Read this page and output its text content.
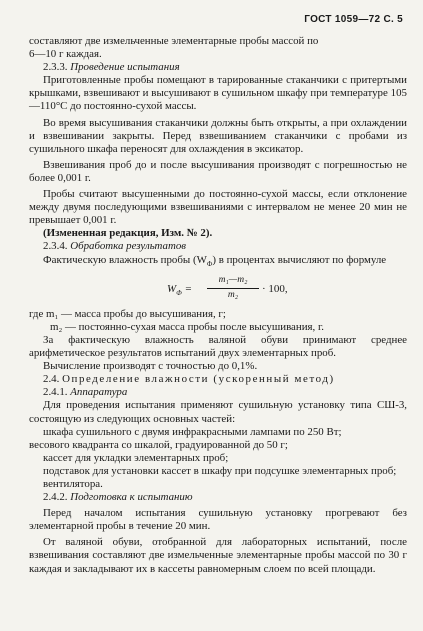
ГОСТ 1059—72 С. 5

составляют две измельченные элементарные пробы массой по
6—10 г каждая.

2.3.3. Проведение испытания

Приготовленные пробы помещают в тарированные стаканчики с притертыми крышками, взвешивают и высушивают в сушильном шкафу при температуре 105—110°С до постоянно-сухой массы.

Во время высушивания стаканчики должны быть открыты, а при охлаждении и взвешивании закрыты. Перед взвешиванием стаканчики с пробами из сушильного шкафа переносят для охлаждения в эксикатор.

Взвешивания проб до и после высушивания производят с погрешностью не более 0,001 г.

Пробы считают высушенными до постоянно-сухой массы, если отклонение между двумя последующими взвешиваниями с интервалом не менее 20 мин не превышает 0,001 г.

(Измененная редакция, Изм. № 2).

2.3.4. Обработка результатов

Фактическую влажность пробы $(W_Ф)$ в процентах вычисляют по формуле

$W_Ф = \frac{\text{m₁—m₂}}{\text{m₂}} \cdot 100$,

где m₁ — масса пробы до высушивания, г;

m₂ — постоянно-сухая масса пробы после высушивания, г.

За фактическую влажность валяной обуви принимают среднее арифметическое результатов испытаний двух элементарных проб.

Вычисление производят с точностью до 0,1%.

2.4. Определение влажности (ускоренный метод)

2.4.1. Аппаратура

Для проведения испытания применяют сушильную установку типа СШ-3, состоящую из следующих основных частей:

шкафа сушильного с двумя инфракрасными лампами по 250 Вт;

весового квадранта со шкалой, градуированной до 50 г;

кассет для укладки элементарных проб;

подставок для установки кассет в шкафу при подсушке элементарных проб;

вентилятора.

2.4.2. Подготовка к испытанию

Перед началом испытания сушильную установку прогревают без элементарной пробы в течение 20 мин.

От валяной обуви, отобранной для лабораторных испытаний, после взвешивания составляют две измельченные элементарные пробы массой по 30 г каждая и закладывают их в кассеты равномерным слоем по всей площади.
